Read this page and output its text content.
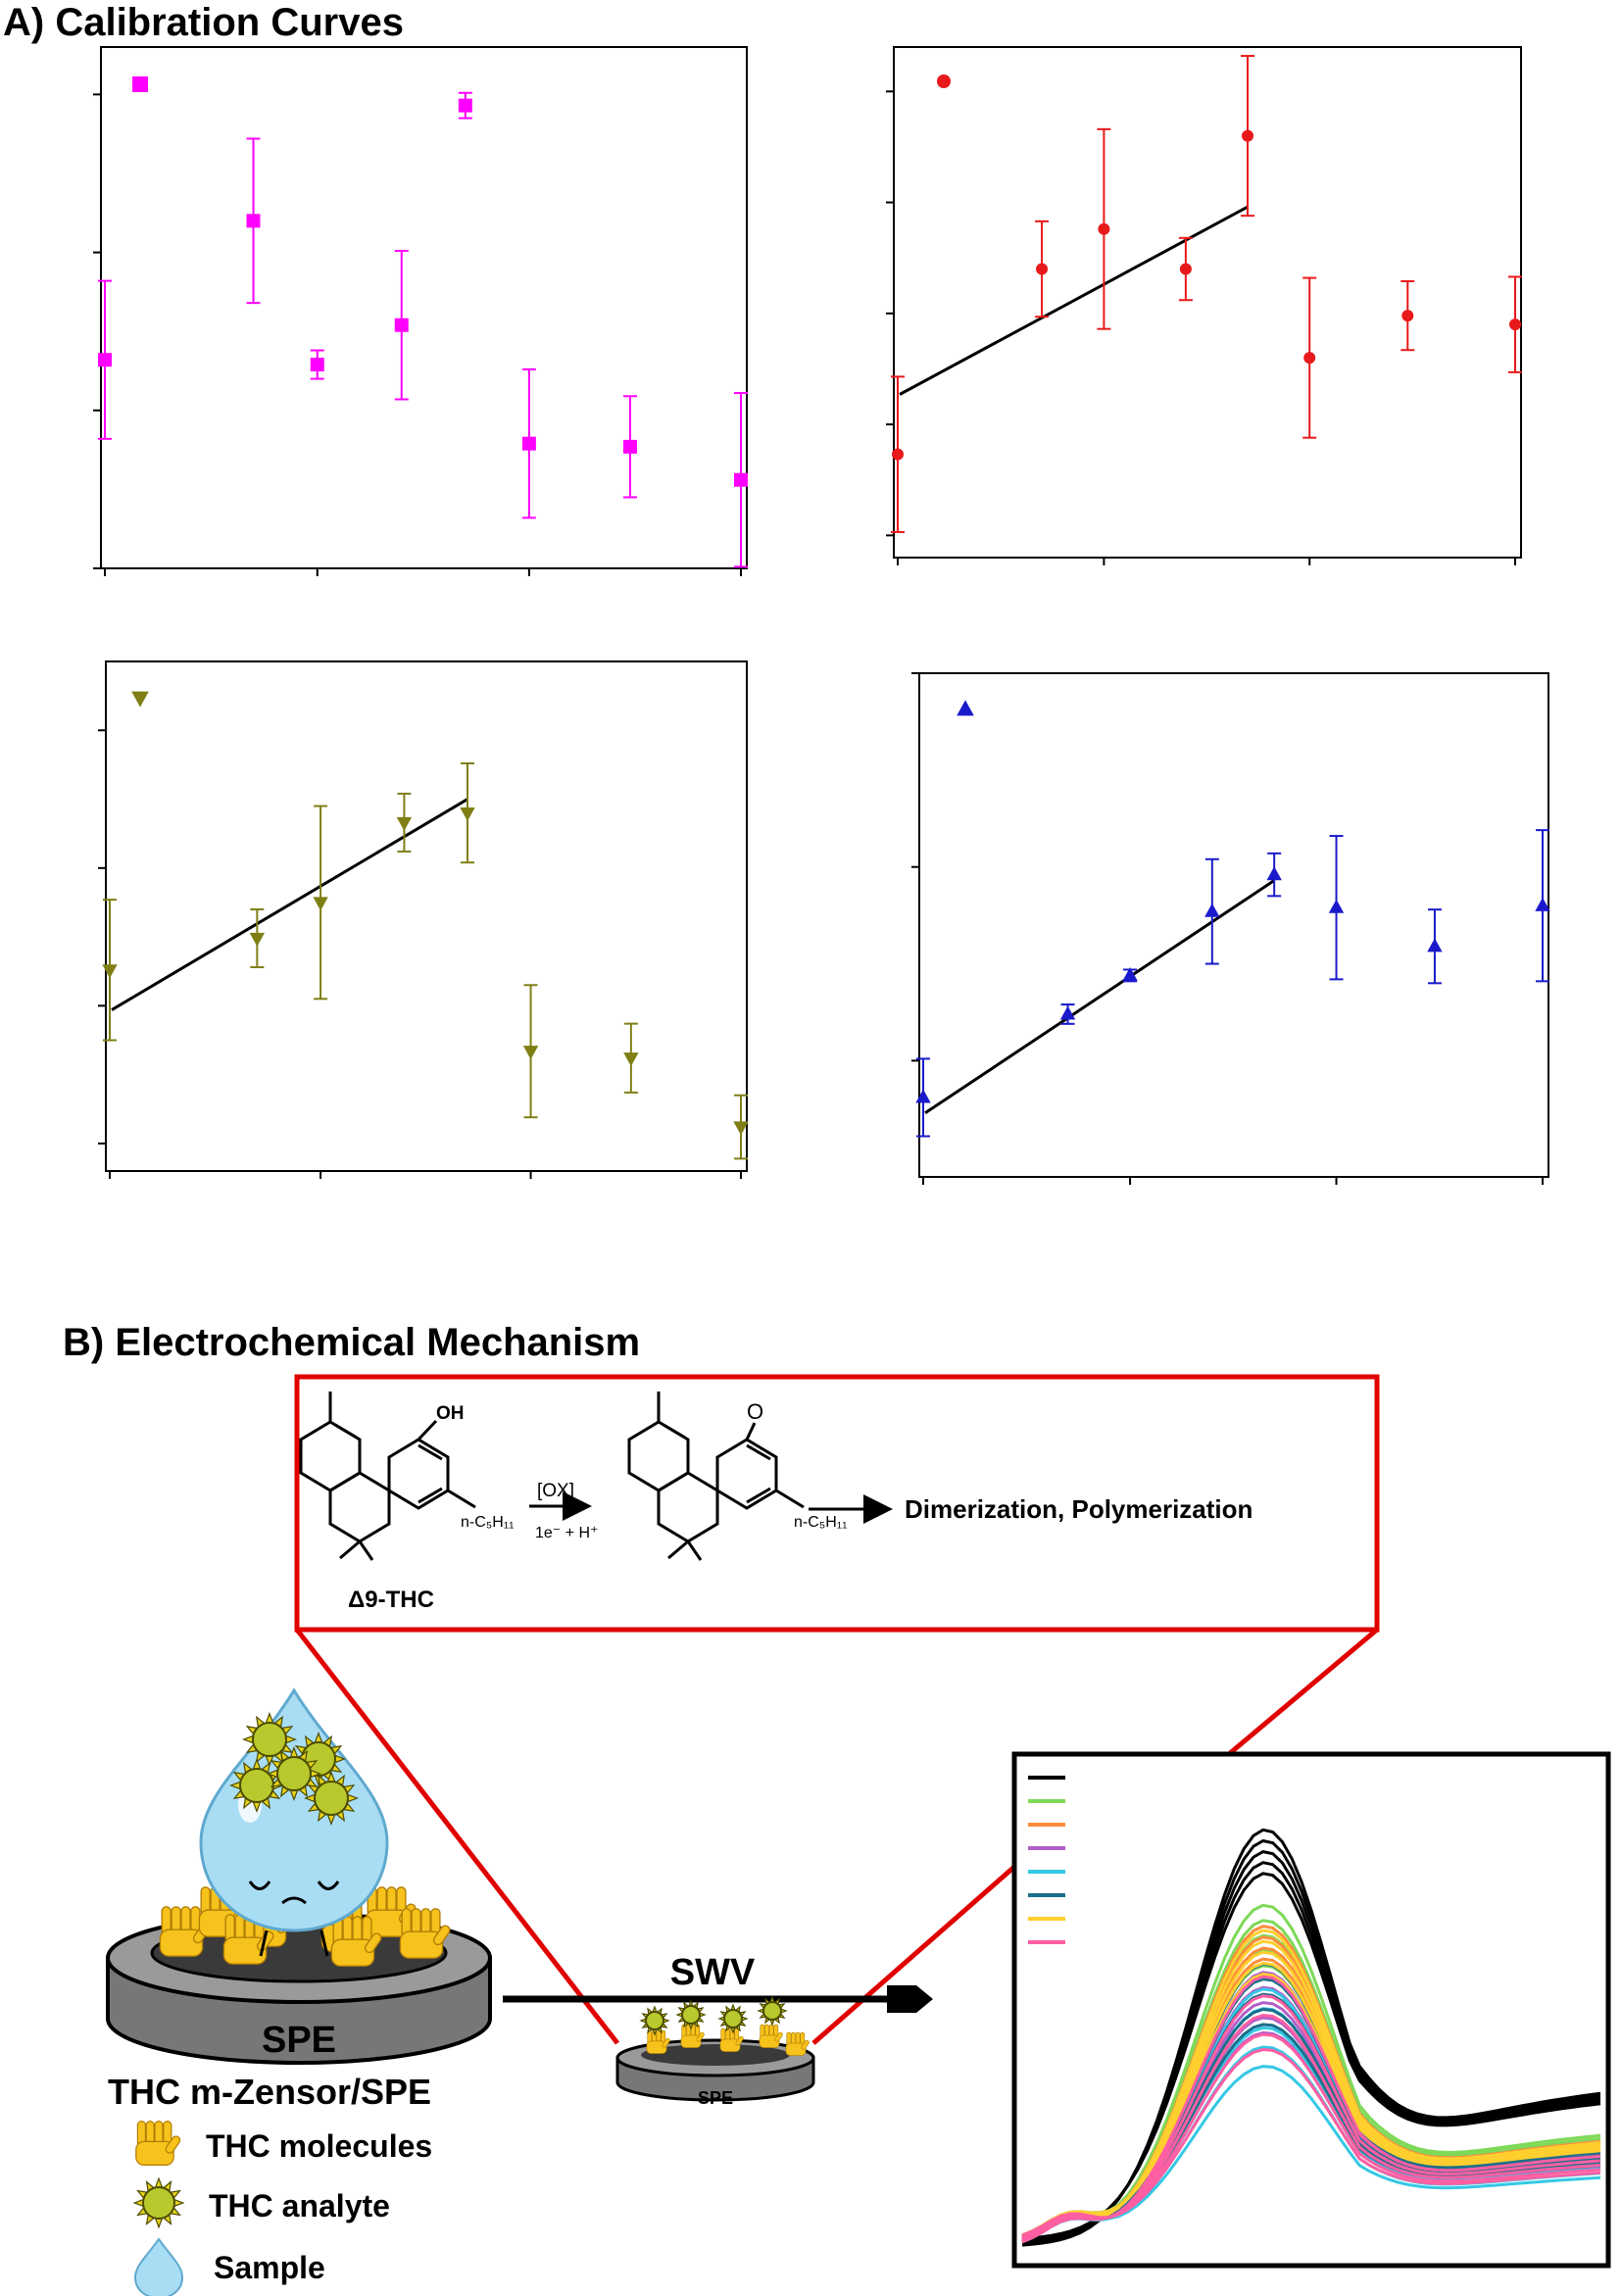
A) Calibration Curves
B) Electrochemical Mechanism
OH
n-C₅H₁₁
Δ9-THC
[OX]
1e⁻ + H⁺
O
n-C₅H₁₁ Dimerization, Polymerization
SPE
THC m-Zensor/SPE
SWV
SPE
THC molecules
THC analyte
Sample
